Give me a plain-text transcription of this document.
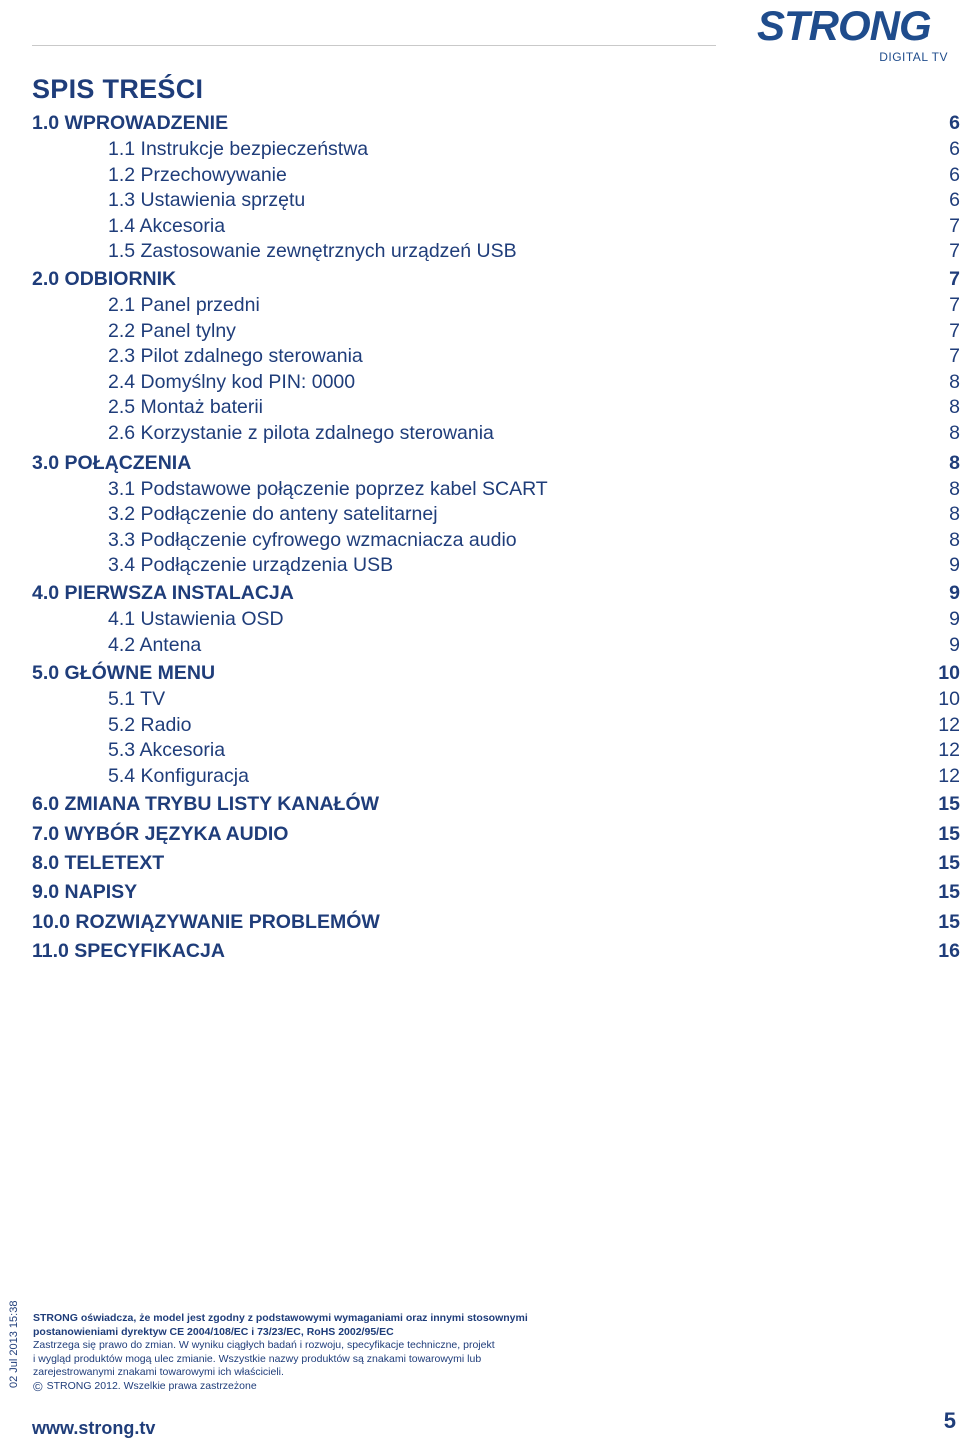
STRONG
DIGITAL TV
SPIS TREŚCI
1.0 WPROWADZENIE	6
1.1 Instrukcje bezpieczeństwa	6
1.2 Przechowywanie	6
1.3 Ustawienia sprzętu	6
1.4 Akcesoria	7
1.5 Zastosowanie zewnętrznych urządzeń USB	7
2.0 ODBIORNIK	7
2.1 Panel przedni	7
2.2 Panel tylny	7
2.3 Pilot zdalnego sterowania	7
2.4 Domyślny kod PIN: 0000	8
2.5 Montaż baterii	8
2.6 Korzystanie z pilota zdalnego sterowania	8
3.0 POŁĄCZENIA	8
3.1 Podstawowe połączenie poprzez kabel SCART	8
3.2 Podłączenie do anteny satelitarnej	8
3.3 Podłączenie cyfrowego wzmacniacza audio	8
3.4 Podłączenie urządzenia USB	9
4.0 PIERWSZA INSTALACJA	9
4.1 Ustawienia OSD	9
4.2 Antena	9
5.0 GŁÓWNE MENU	10
5.1 TV	10
5.2 Radio	12
5.3 Akcesoria	12
5.4 Konfiguracja	12
6.0 ZMIANA TRYBU LISTY KANAŁÓW	15
7.0 WYBÓR JĘZYKA AUDIO	15
8.0 TELETEXT	15
9.0 NAPISY	15
10.0 ROZWIĄZYWANIE PROBLEMÓW	15
11.0 SPECYFIKACJA	16
02 Jul 2013 15:38 STRONG oświadcza, że model jest zgodny z podstawowymi wymaganiami oraz innymi stosownymi
postanowieniami dyrektyw CE 2004/108/EC i 73/23/EC, RoHS 2002/95/EC
Zastrzega się prawo do zmian. W wyniku ciągłych badań i rozwoju, specyfikacje techniczne, projekt
i wygląd produktów mogą ulec zmianie. Wszystkie nazwy produktów są znakami towarowymi lub
zarejestrowanymi znakami towarowymi ich właścicieli.
© STRONG 2012. Wszelkie prawa zastrzeżone
www.strong.tv	5
